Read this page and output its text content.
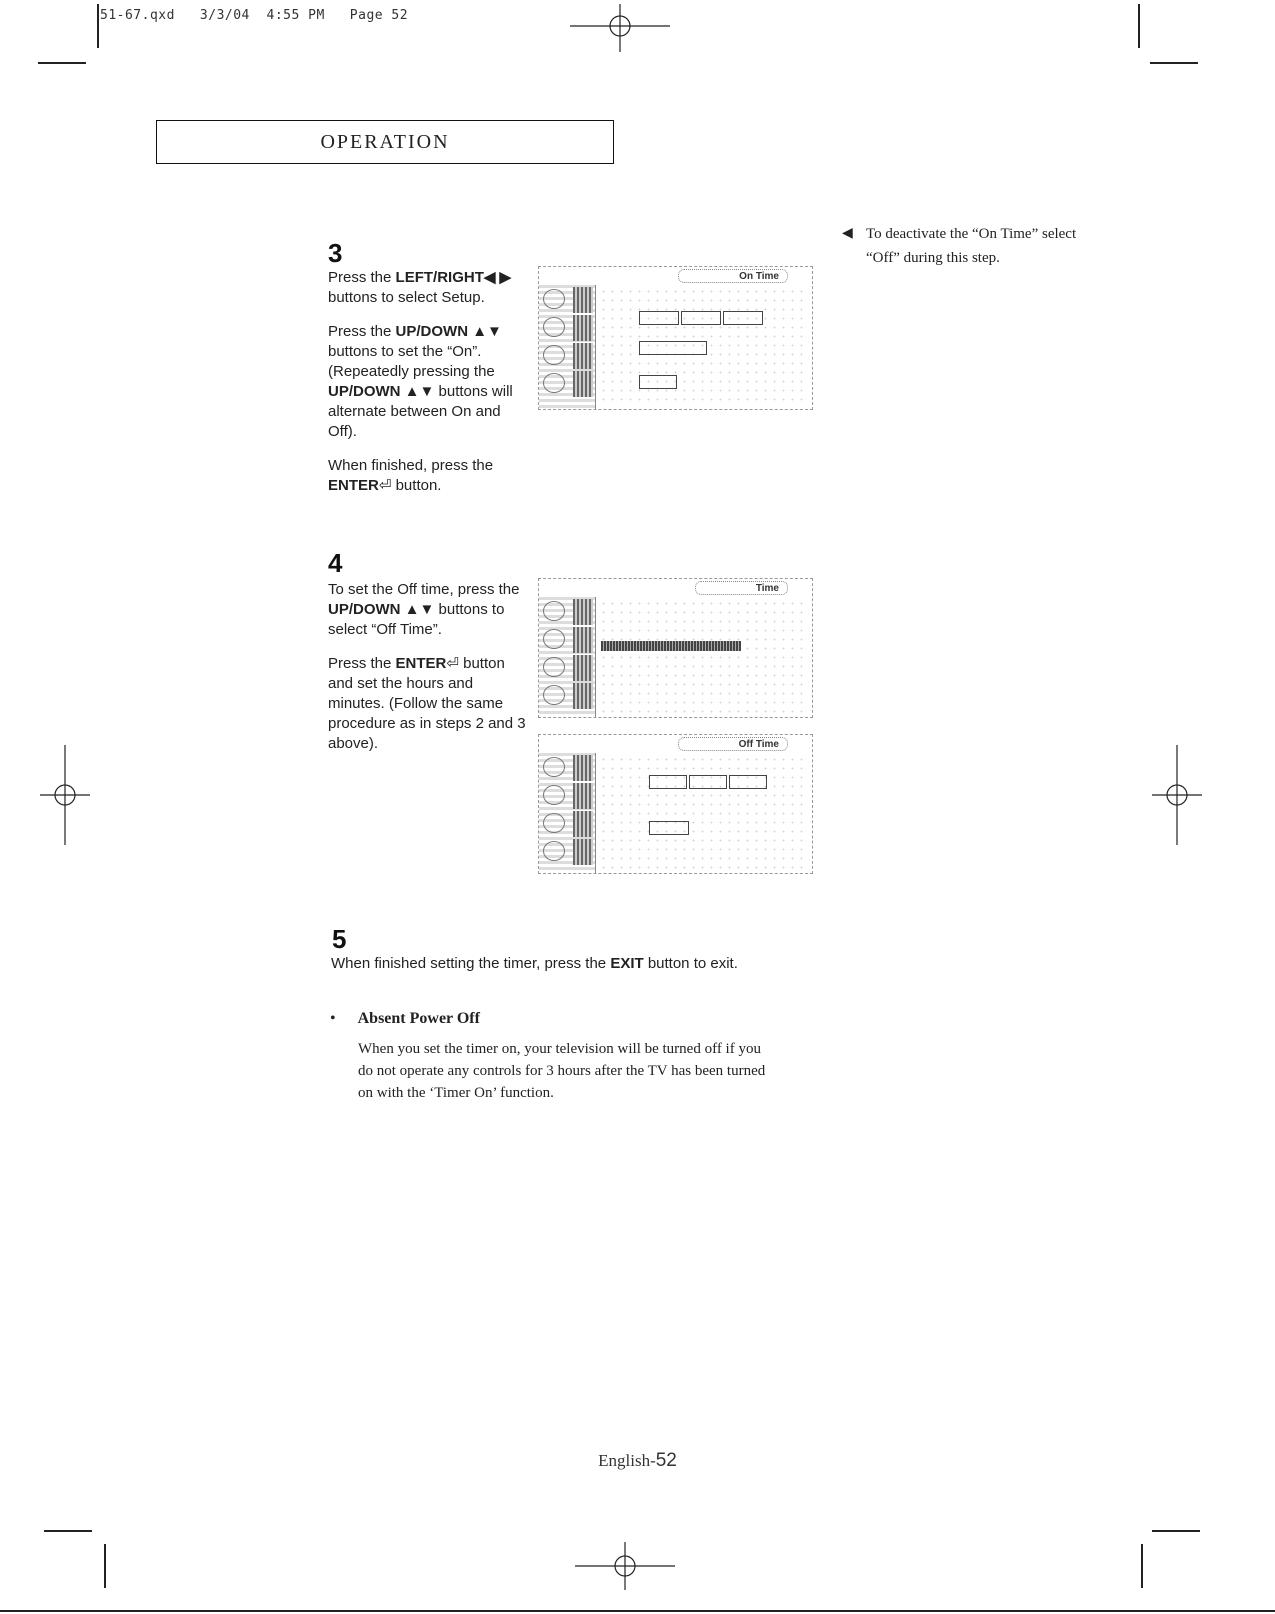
51-67.qxd   3/3/04  4:55 PM   Page 52
OPERATION
◀ To deactivate the “On Time” select “Off” during this step.
3

Press the LEFT/RIGHT◀ ▶ buttons to select Setup.

Press the UP/DOWN ▲▼ buttons to set the “On”. (Repeatedly pressing the UP/DOWN ▲▼ buttons will alternate between On and Off).

When finished, press the ENTER⏎ button.

On Time
4

To set the Off time, press the UP/DOWN ▲▼ buttons to select “Off Time”.

Press the ENTER⏎ button and set the hours and minutes. (Follow the same procedure as in steps 2 and 3 above).

Time
Off Time
5
When finished setting the timer, press the EXIT button to exit.
• Absent Power Off
When you set the timer on, your television will be turned off if you do not operate any controls for 3 hours after the TV has been turned on with the ‘Timer On’ function.
English-52
